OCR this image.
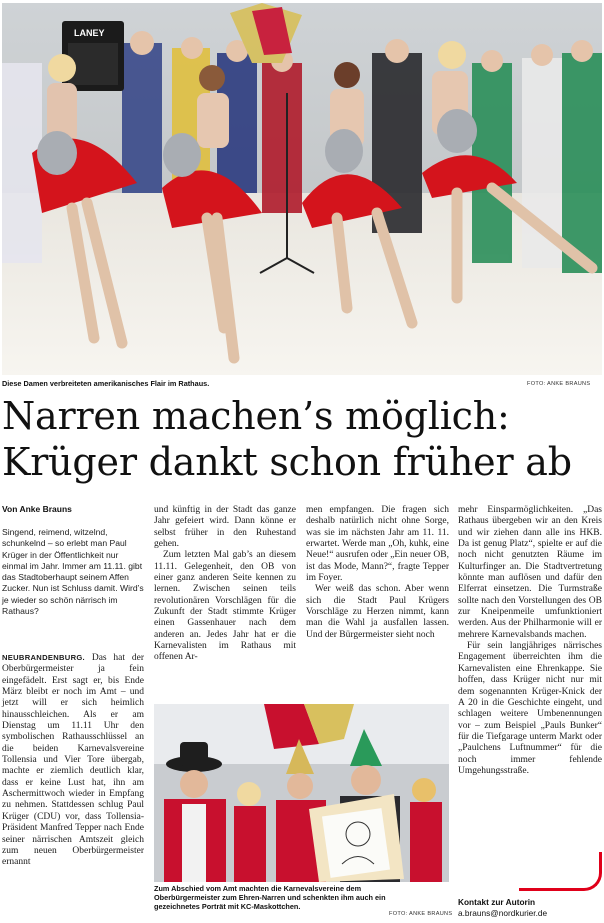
LANEY
Diese Damen verbreiteten amerikanisches Flair im Rathaus.	FOTO: ANKE BRAUNS
Narren machen’s möglich:
Krüger dankt schon früher ab
Von Anke Brauns
Singend, reimend, witzelnd, schunkelnd – so erlebt man Paul Krüger in der Öffentlichkeit nur einmal im Jahr. Immer am 11.11. gibt das Stadtoberhaupt seinem Affen Zucker. Nun ist Schluss damit. Wird’s je wieder so schön närrisch im Rathaus?

NEUBRANDENBURG. Das hat der Oberbürgermeister ja fein eingefädelt. Erst sagt er, bis Ende März bleibt er noch im Amt – und jetzt will er sich heimlich hinausschleichen. Als er am Dienstag um 11.11 Uhr den symbolischen Rathausschlüssel an die beiden Karnevalsvereine Tollensia und Vier Tore übergab, machte er ziemlich deutlich klar, dass er keine Lust hat, ihn am Aschermittwoch wieder in Empfang zu nehmen. Stattdessen schlug Paul Krüger (CDU) vor, dass Tollensia-Präsident Manfred Tepper nach Ende seiner närrischen Amtszeit gleich zum neuen Oberbürgermeister ernannt

und künftig in der Stadt das ganze Jahr gefeiert wird. Dann könne er selbst früher in den Ruhestand gehen.

Zum letzten Mal gab’s an diesem 11.11. Gelegenheit, den OB von einer ganz anderen Seite kennen zu lernen. Zwischen seinen teils revolutionären Vorschlägen für die Zukunft der Stadt stimmte Krüger einen Gassenhauer nach dem anderen an. Jedes Jahr hat er die Karnevalisten im Rathaus mit offenen Ar-

men empfangen. Die fragen sich deshalb natürlich nicht ohne Sorge, was sie im nächsten Jahr am 11. 11. erwartet. Werde man „Oh, kuhk, eine Neue!“ ausrufen oder „Ein neuer OB, ist das Mode, Mann?“, fragte Tepper im Foyer.

Wer weiß das schon. Aber wenn sich die Stadt Paul Krügers Vorschläge zu Herzen nimmt, kann man die Wahl ja ausfallen lassen. Und der Bürgermeister sieht noch

Zum Abschied vom Amt machten die Karnevalsvereine dem Oberbürgermeister zum Ehren-Narren und schenkten ihm auch ein gezeichnetes Porträt mit KC-Maskottchen.
FOTO: ANKE BRAUNS

mehr Einsparmöglichkeiten. „Das Rathaus übergeben wir an den Kreis und wir ziehen dann alle ins HKB. Da ist genug Platz“, spielte er auf die noch nicht genutzten Räume im Kulturfinger an. Die Stadtvertretung könnte man auflösen und dafür den Elferrat einsetzen. Die Turmstraße sollte nach den Vorstellungen des OB zur Kneipenmeile umfunktioniert werden. Aus der Philharmonie will er mehrere Karnevalsbands machen.

Für sein langjähriges närrisches Engagement überreichten ihm die Karnevalisten eine Ehrenkappe. Sie hoffen, dass Krüger nicht nur mit dem sogenannten Krüger-Knick der A 20 in die Geschichte eingeht, und schlagen weitere Umbenennungen vor – zum Beispiel „Pauls Bunker“ für die Tiefgarage unterm Markt oder „Paulchens Luftnummer“ für die noch immer fehlende Umgehungsstraße.

Kontakt zur Autorin
a.brauns@nordkurier.de
